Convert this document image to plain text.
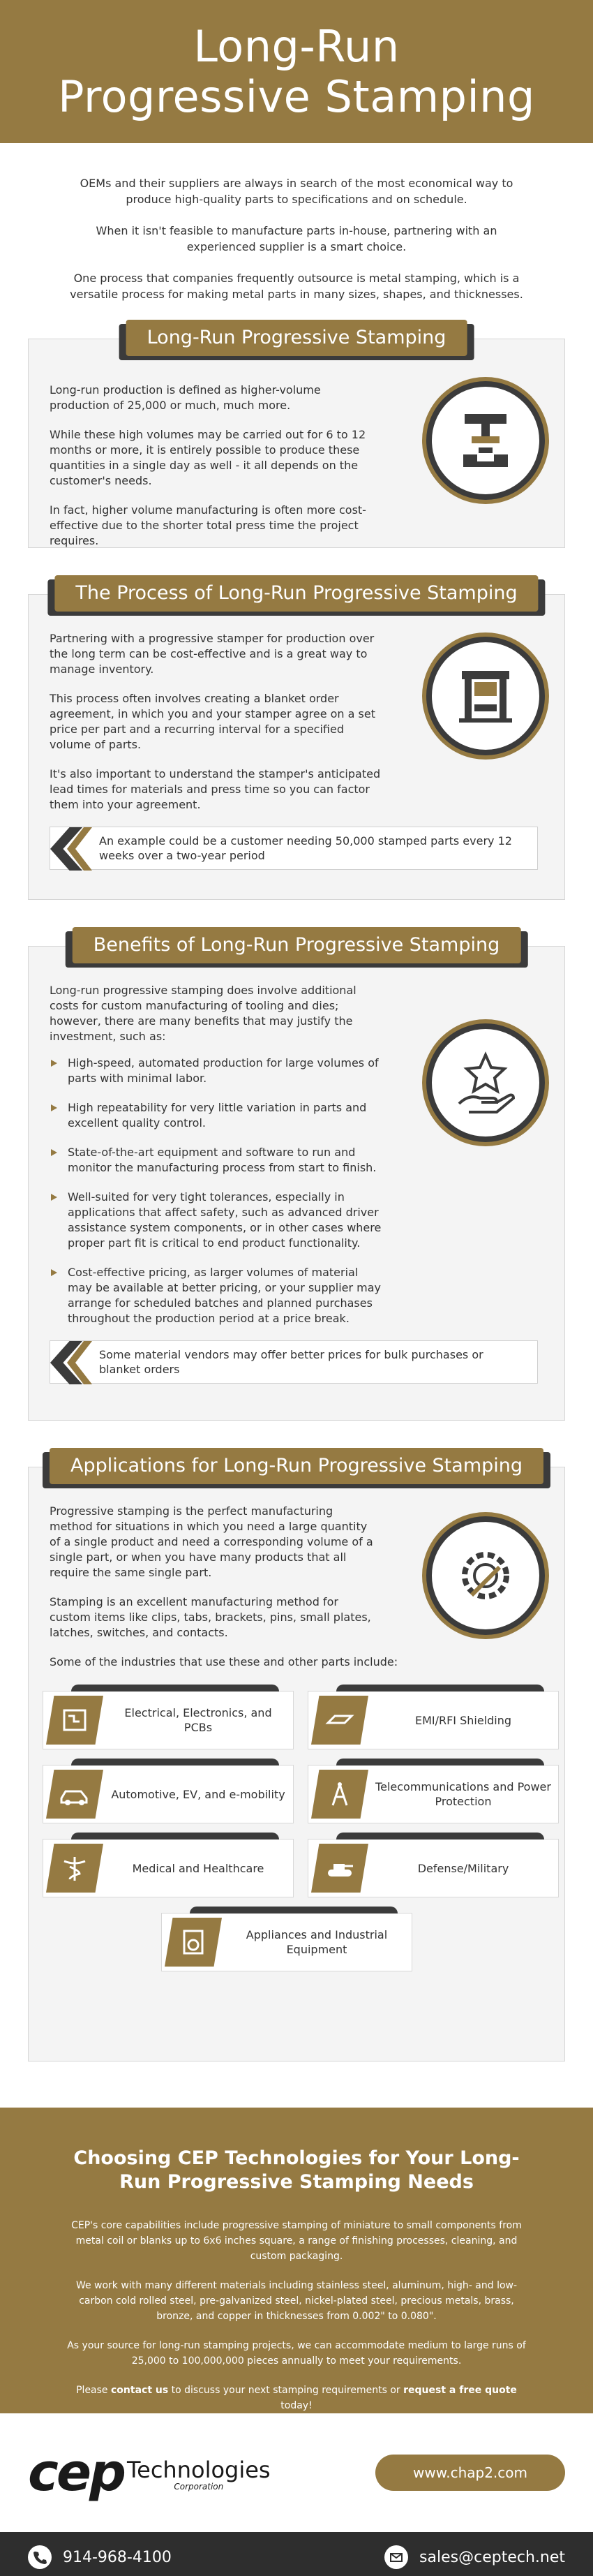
Long-Run
Progressive Stamping

OEMs and their suppliers are always in search of the most economical way to produce high-quality parts to specifications and on schedule.

When it isn't feasible to manufacture parts in-house, partnering with an experienced supplier is a smart choice.

One process that companies frequently outsource is metal stamping, which is a versatile process for making metal parts in many sizes, shapes, and thicknesses.

Long-Run Progressive Stamping

Long-run production is defined as higher-volume production of 25,000 or much, much more.

While these high volumes may be carried out for 6 to 12 months or more, it is entirely possible to produce these quantities in a single day as well - it all depends on the customer's needs.

In fact, higher volume manufacturing is often more cost-effective due to the shorter total press time the project requires.

The Process of Long-Run Progressive Stamping

Partnering with a progressive stamper for production over the long term can be cost-effective and is a great way to manage inventory.

This process often involves creating a blanket order agreement, in which you and your stamper agree on a set price per part and a recurring interval for a specified volume of parts.

It's also important to understand the stamper's anticipated lead times for materials and press time so you can factor them into your agreement.

An example could be a customer needing 50,000 stamped parts every 12 weeks over a two-year period
Benefits of Long-Run Progressive Stamping

Long-run progressive stamping does involve additional costs for custom manufacturing of tooling and dies; however, there are many benefits that may justify the investment, such as:

High-speed, automated production for large volumes of parts with minimal labor.
High repeatability for very little variation in parts and excellent quality control.
State-of-the-art equipment and software to run and monitor the manufacturing process from start to finish.
Well-suited for very tight tolerances, especially in applications that affect safety, such as advanced driver assistance system components, or in other cases where proper part fit is critical to end product functionality.
Cost-effective pricing, as larger volumes of material may be available at better pricing, or your supplier may arrange for scheduled batches and planned purchases throughout the production period at a price break.
Some material vendors may offer better prices for bulk purchases or blanket orders
Applications for Long-Run Progressive Stamping

Progressive stamping is the perfect manufacturing method for situations in which you need a large quantity of a single product and need a corresponding volume of a single part, or when you have many products that all require the same single part.

Stamping is an excellent manufacturing method for custom items like clips, tabs, brackets, pins, small plates, latches, switches, and contacts.

Some of the industries that use these and other parts include:

Electrical, Electronics, and PCBs
EMI/RFI Shielding
Automotive, EV, and e-mobility
Telecommunications and Power Protection
Medical and Healthcare	Defense/Military
Appliances and Industrial Equipment
Choosing CEP Technologies for Your Long-Run Progressive Stamping Needs

CEP's core capabilities include progressive stamping of miniature to small components from metal coil or blanks up to 6x6 inches square, a range of finishing processes, cleaning, and custom packaging.

We work with many different materials including stainless steel, aluminum, high- and low-carbon cold rolled steel, pre-galvanized steel, nickel-plated steel, precious metals, brass, bronze, and copper in thicknesses from 0.002" to 0.080".

As your source for long-run stamping projects, we can accommodate medium to large runs of 25,000 to 100,000,000 pieces annually to meet your requirements.

Please contact us to discuss your next stamping requirements or request a free quote today!

cep Technologies
Corporation
www.chap2.com
914-968-4100	sales@ceptech.net
